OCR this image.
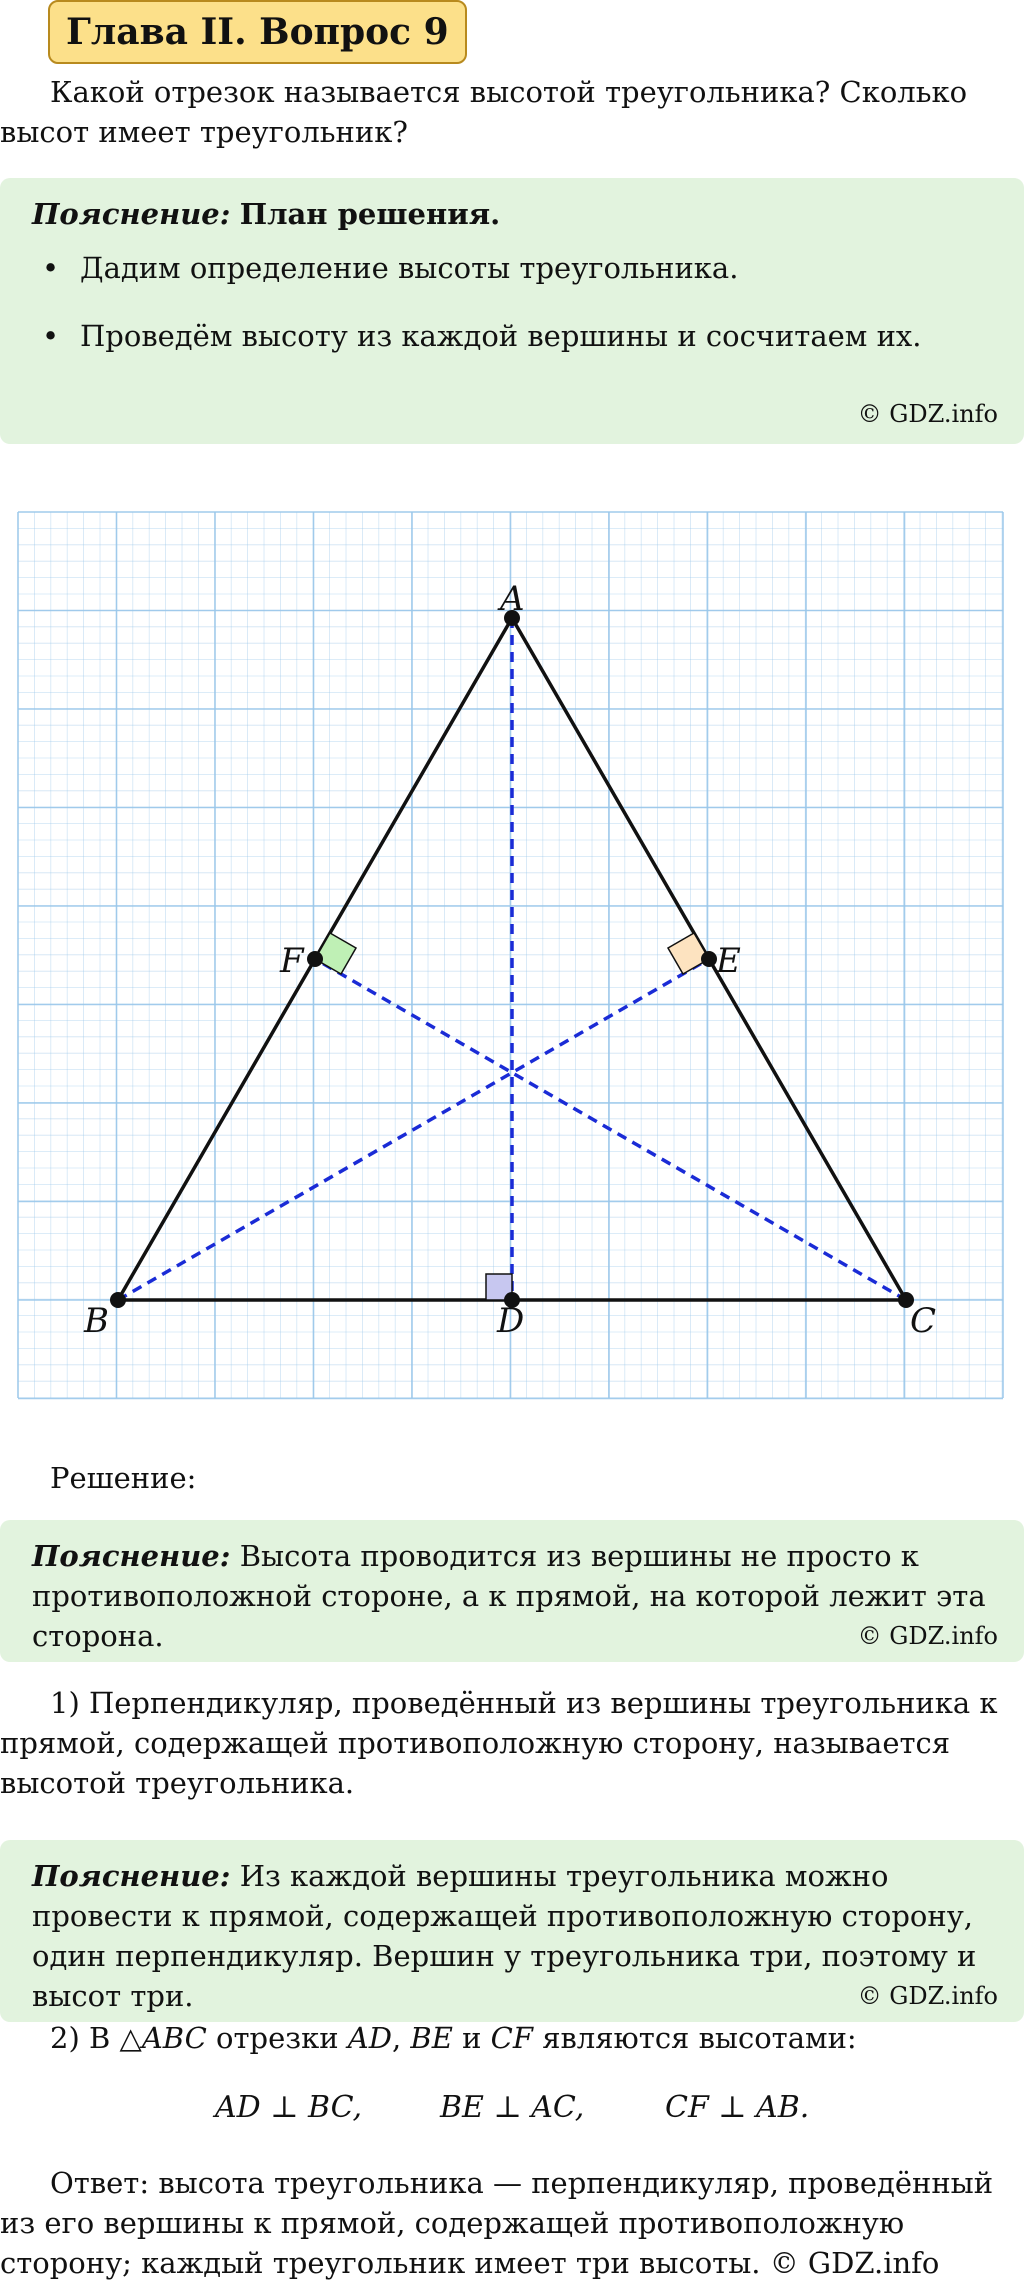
Глава II. Вопрос 9
Какой отрезок называется высотой треугольника? Сколько высот имеет треугольник?
Пояснение: План решения.
• Дадим определение высоты треугольника.
• Проведём высоту из каждой вершины и сосчитаем их.
© GDZ.info
A
B	C
D
E
F
Решение:
Пояснение: Высота проводится из вершины не просто к противоположной стороне, а к прямой, на которой лежит эта сторона.	© GDZ.info
1) Перпендикуляр, проведённый из вершины треугольника к прямой, содержащей противоположную сторону, называется высотой треугольника.
Пояснение: Из каждой вершины треугольника можно провести к прямой, содержащей противоположную сторону, один перпендикуляр. Вершин у треугольника три, поэтому и высот три.	© GDZ.info
2) В △ABC отрезки AD, BE и CF являются высотами:
AD ⊥ BC,	BE ⊥ AC,	CF ⊥ AB.
Ответ: высота треугольника — перпендикуляр, проведённый из его вершины к прямой, содержащей противоположную сторону; каждый треугольник имеет три высоты. © GDZ.info
